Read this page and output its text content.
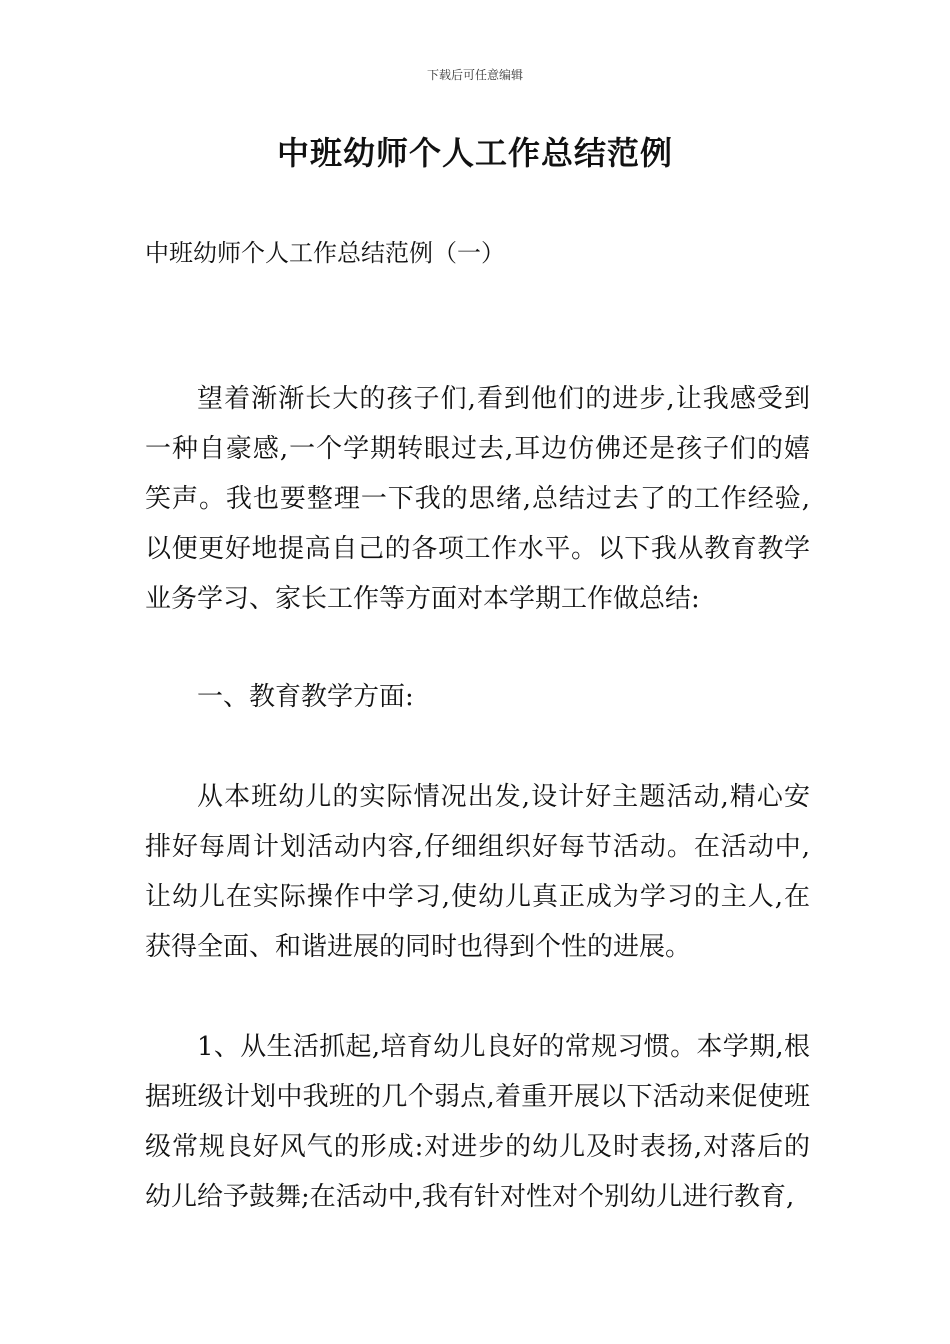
下载后可任意编辑
中班幼师个人工作总结范例
中班幼师个人工作总结范例（一）
望着渐渐长大的孩子们,看到他们的进步,让我感受到一种自豪感,一个学期转眼过去,耳边仿佛还是孩子们的嬉笑声。我也要整理一下我的思绪,总结过去了的工作经验,以便更好地提高自己的各项工作水平。以下我从教育教学业务学习、家长工作等方面对本学期工作做总结:
一、教育教学方面:
从本班幼儿的实际情况出发,设计好主题活动,精心安排好每周计划活动内容,仔细组织好每节活动。在活动中,让幼儿在实际操作中学习,使幼儿真正成为学习的主人,在获得全面、和谐进展的同时也得到个性的进展。
1、从生活抓起,培育幼儿良好的常规习惯。本学期,根据班级计划中我班的几个弱点,着重开展以下活动来促使班级常规良好风气的形成:对进步的幼儿及时表扬,对落后的幼儿给予鼓舞;在活动中,我有针对性对个别幼儿进行教育,
